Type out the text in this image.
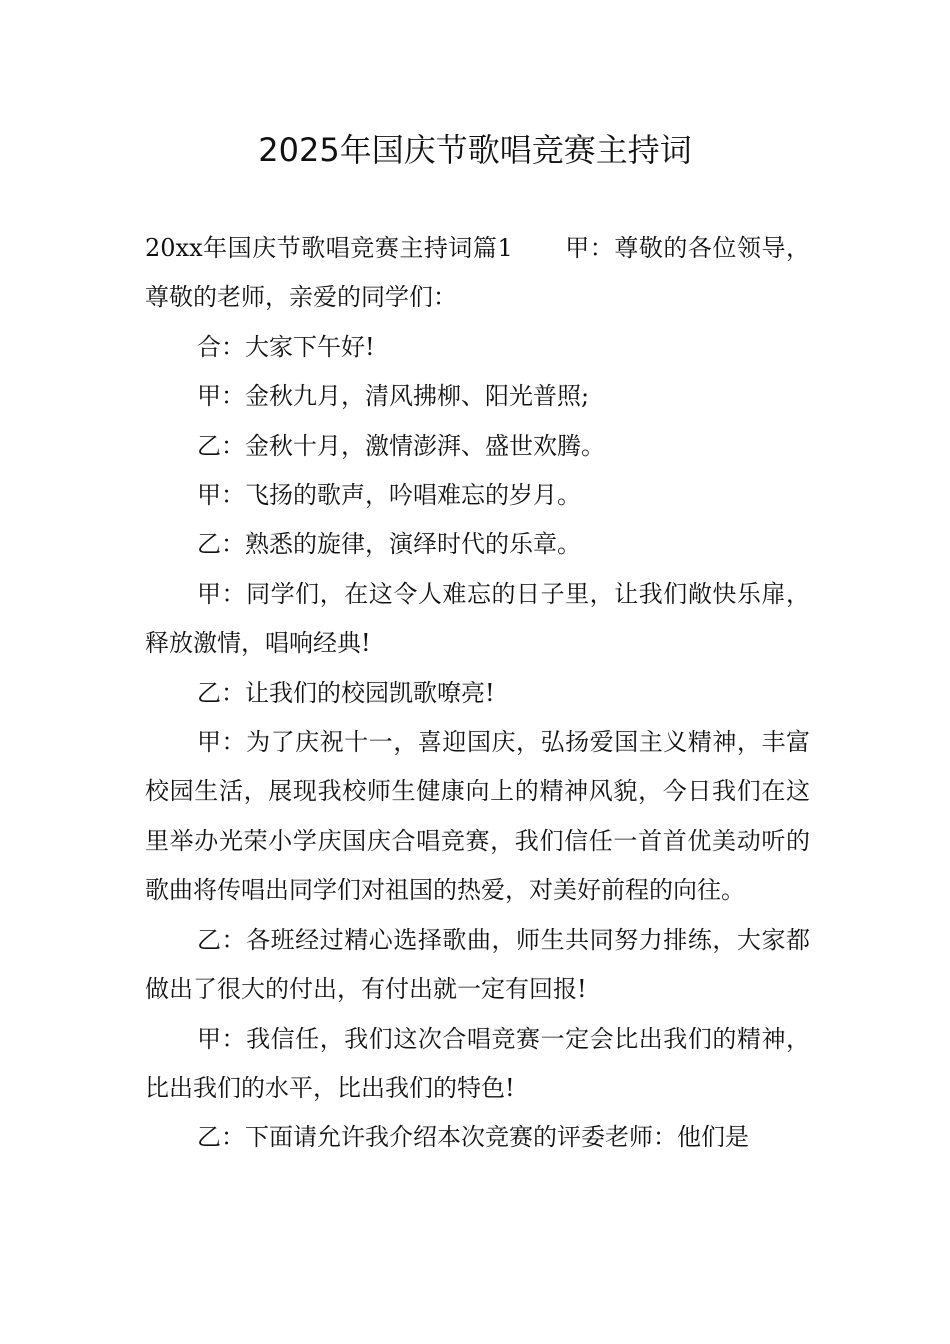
2025年国庆节歌唱竞赛主持词

20xx年国庆节歌唱竞赛主持词篇1 甲：尊敬的各位领导，尊敬的老师，亲爱的同学们：

合：大家下午好!

甲：金秋九月，清风拂柳、阳光普照;

乙：金秋十月，激情澎湃、盛世欢腾。

甲：飞扬的歌声，吟唱难忘的岁月。

乙：熟悉的旋律，演绎时代的乐章。

甲：同学们，在这令人难忘的日子里，让我们敞快乐扉，释放激情，唱响经典!

乙：让我们的校园凯歌嘹亮!

甲：为了庆祝十一，喜迎国庆，弘扬爱国主义精神，丰富校园生活，展现我校师生健康向上的精神风貌，今日我们在这里举办光荣小学庆国庆合唱竞赛，我们信任一首首优美动听的歌曲将传唱出同学们对祖国的热爱，对美好前程的向往。

乙：各班经过精心选择歌曲，师生共同努力排练，大家都做出了很大的付出，有付出就一定有回报!

甲：我信任，我们这次合唱竞赛一定会比出我们的精神，比出我们的水平，比出我们的特色!

乙：下面请允许我介绍本次竞赛的评委老师：他们是
